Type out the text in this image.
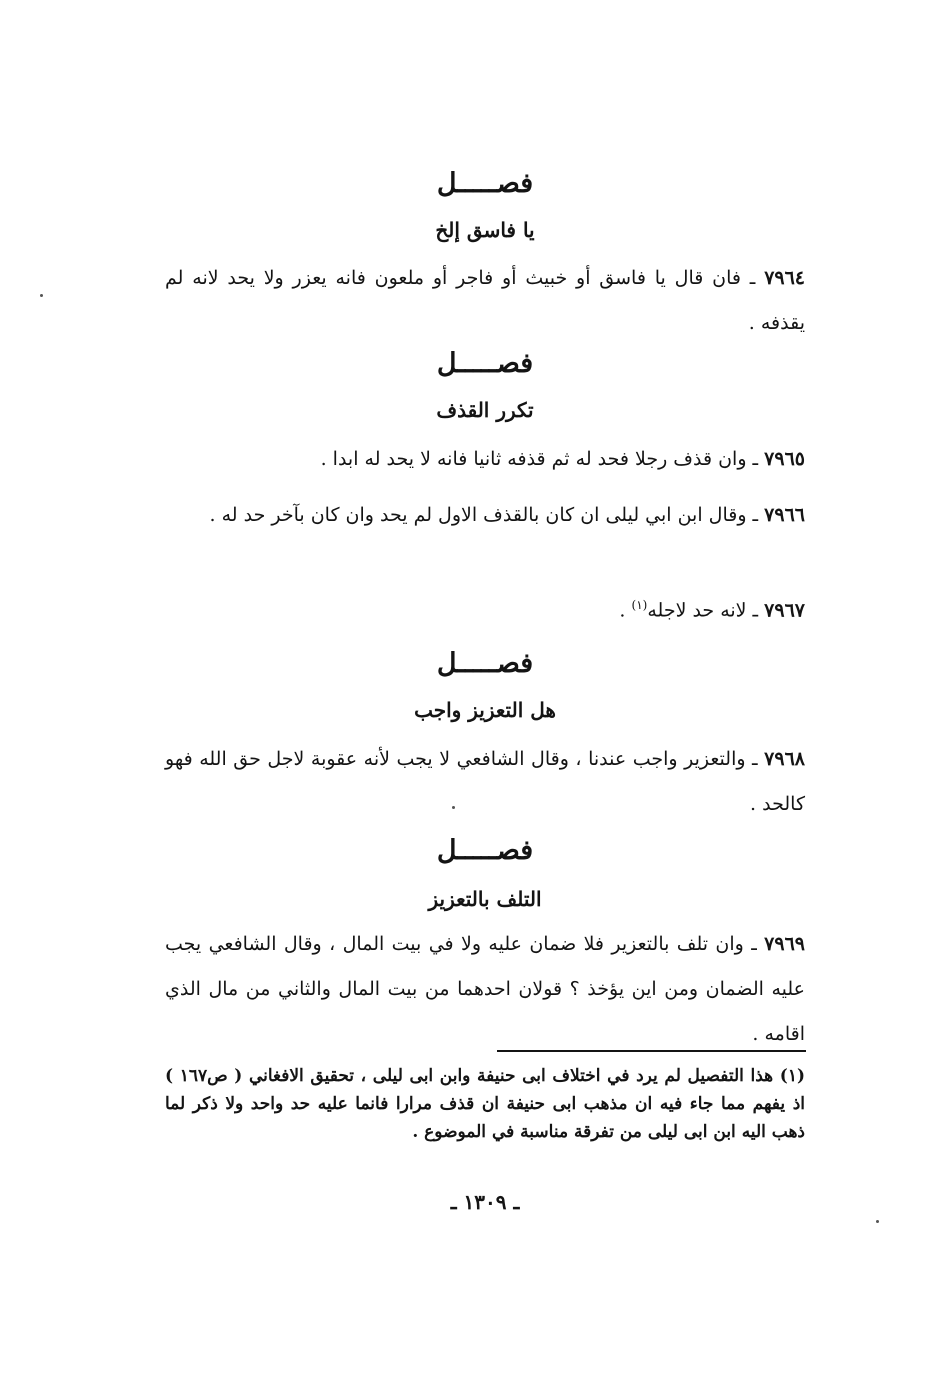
فصـــــل
يا فاسق إلخ
٧٩٦٤ ـ فان قال يا فاسق أو خبيث أو فاجر أو ملعون فانه يعزر ولا يحد لانه لم يقذفه .
فصـــــل
تكرر القذف
٧٩٦٥ ـ وان قذف رجلا فحد له ثم قذفه ثانيا فانه لا يحد له ابدا .
٧٩٦٦ ـ وقال ابن ابي ليلى ان كان بالقذف الاول لم يحد وان كان بآخر حد له .
٧٩٦٧ ـ لانه حد لاجله$^{(١)}$ .
فصـــــل
هل التعزيز واجب
٧٩٦٨ ـ والتعزير واجب عندنا ، وقال الشافعي لا يجب لأنه عقوبة لاجل حق الله فهو كالحد .
فصـــــل
التلف بالتعزيز
٧٩٦٩ ـ وان تلف بالتعزير فلا ضمان عليه ولا في بيت المال ، وقال الشافعي يجب عليه الضمان ومن اين يؤخذ ؟ قولان احدهما من بيت المال والثاني من مال الذي اقامه .
(١) هذا التفصيل لم يرد في اختلاف ابى حنيفة وابن ابى ليلى ، تحقيق الافغاني ( ص١٦٧ ) اذ يفهم مما جاء فيه ان مذهب ابى حنيفة ان قذف مرارا فانما عليه حد واحد ولا ذكر لما ذهب اليه ابن ابى ليلى من تفرقة مناسبة في الموضوع .
ـ ١٣٠٩ ـ
